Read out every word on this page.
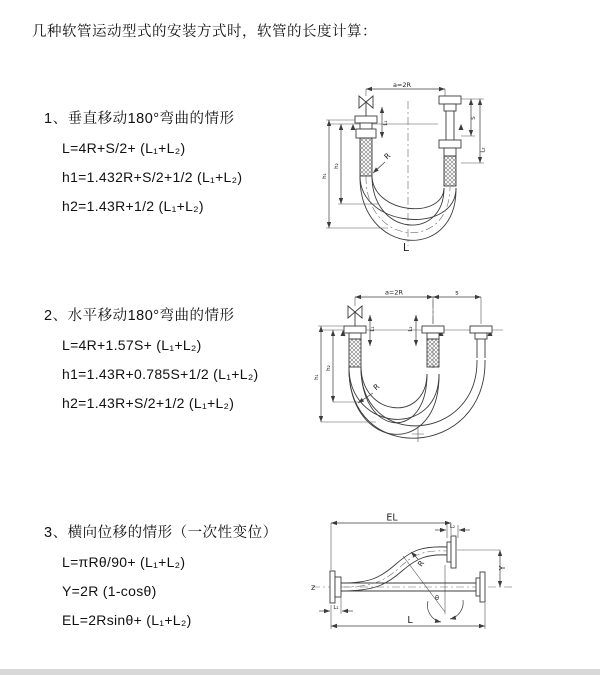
几种软管运动型式的安装方式时，软管的长度计算：
1、垂直移动180°弯曲的情形
L=4R+S/2+ (L₁+L₂)
h1=1.432R+S/2+1/2 (L₁+L₂)
h2=1.43R+1/2 (L₁+L₂)
2、水平移动180°弯曲的情形
L=4R+1.57S+ (L₁+L₂)
h1=1.43R+0.785S+1/2 (L₁+L₂)
h2=1.43R+S/2+1/2 (L₁+L₂)
3、横向位移的情形（一次性变位）
L=πRθ/90+ (L₁+L₂)
Y=2R (1-cosθ)
EL=2Rsinθ+ (L₁+L₂)
a=2R
L₁
S
L₂
h₁
h₂
R
L
a=2R	s
L₁	L₂
h₁
h₂
R
Z
θ
EL
L₂
Y
L
L₁
R
